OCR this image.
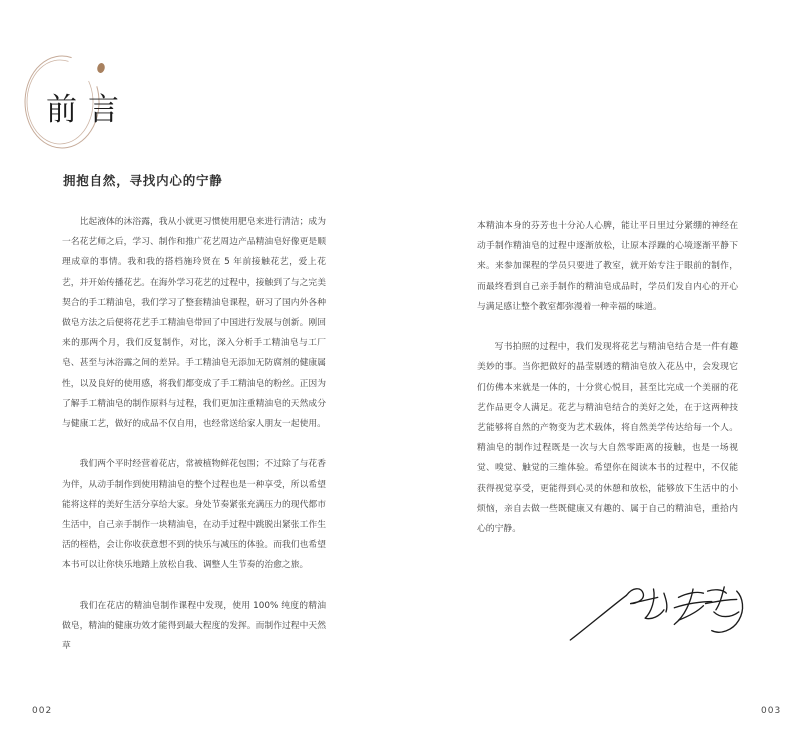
前言
拥抱自然，寻找内心的宁静

比起液体的沐浴露，我从小就更习惯使用肥皂来进行清洁；成为一名花艺师之后，学习、制作和推广花艺周边产品精油皂好像更是顺理成章的事情。我和我的搭档施玲贤在 5 年前接触花艺，爱上花艺，并开始传播花艺。在海外学习花艺的过程中，接触到了与之完美契合的手工精油皂，我们学习了整套精油皂课程，研习了国内外各种做皂方法之后便将花艺手工精油皂带回了中国进行发展与创新。刚回来的那两个月，我们反复制作，对比，深入分析手工精油皂与工厂皂、甚至与沐浴露之间的差异。手工精油皂无添加无防腐剂的健康属性，以及良好的使用感，将我们都变成了手工精油皂的粉丝。正因为了解手工精油皂的制作原料与过程，我们更加注重精油皂的天然成分与健康工艺，做好的成品不仅自用，也经常送给家人朋友一起使用。

我们两个平时经营着花店，常被植物鲜花包围；不过除了与花香为伴，从动手制作到使用精油皂的整个过程也是一种享受，所以希望能将这样的美好生活分享给大家。身处节奏紧张充满压力的现代都市生活中，自己亲手制作一块精油皂，在动手过程中跳脱出紧张工作生活的桎梏，会让你收获意想不到的快乐与减压的体验。而我们也希望本书可以让你快乐地踏上放松自我、调整人生节奏的治愈之旅。

我们在花店的精油皂制作课程中发现，使用 100% 纯度的精油做皂，精油的健康功效才能得到最大程度的发挥。而制作过程中天然草

本精油本身的芬芳也十分沁人心脾，能让平日里过分紧绷的神经在动手制作精油皂的过程中逐渐放松，让原本浮躁的心境逐渐平静下来。来参加课程的学员只要进了教室，就开始专注于眼前的制作，而最终看到自己亲手制作的精油皂成品时，学员们发自内心的开心与满足感让整个教室都弥漫着一种幸福的味道。

写书拍照的过程中，我们发现将花艺与精油皂结合是一件有趣美妙的事。当你把做好的晶莹剔透的精油皂放入花丛中，会发现它们仿佛本来就是一体的，十分赏心悦目，甚至比完成一个美丽的花艺作品更令人满足。花艺与精油皂结合的美好之处，在于这两种技艺能够将自然的产物变为艺术载体，将自然美学传达给每一个人。精油皂的制作过程既是一次与大自然零距离的接触，也是一场视觉、嗅觉、触觉的三维体验。希望你在阅读本书的过程中，不仅能获得视觉享受，更能得到心灵的休憩和放松，能够放下生活中的小烦恼，亲自去做一些既健康又有趣的、属于自己的精油皂，重拾内心的宁静。

002	003
